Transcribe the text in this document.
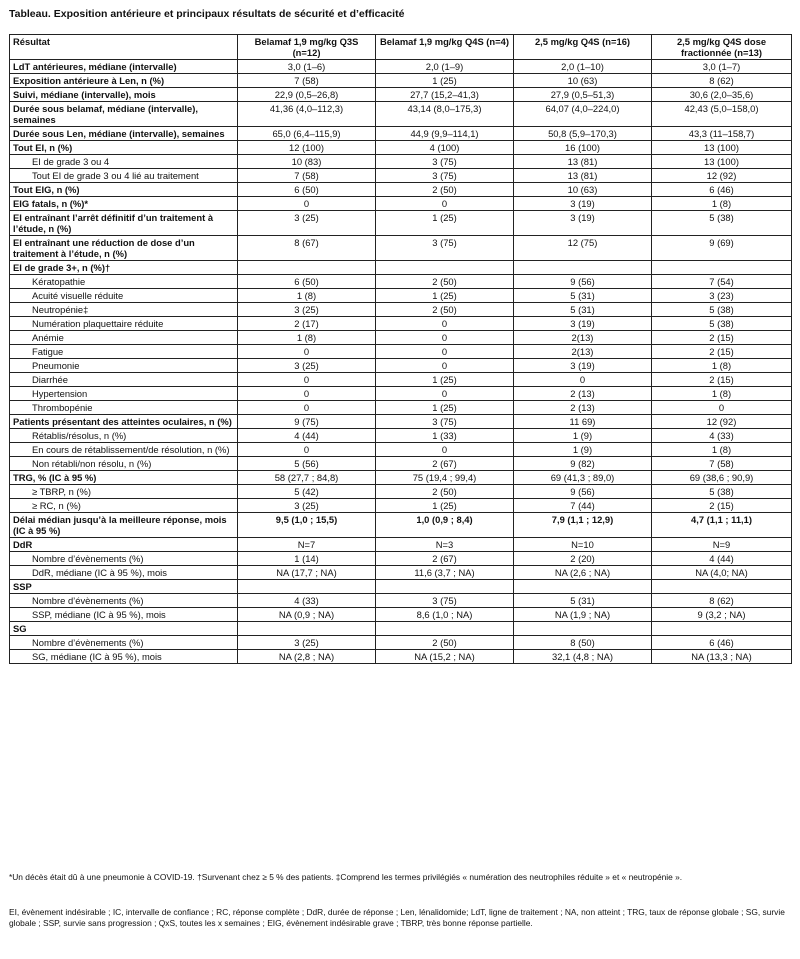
Tableau. Exposition antérieure et principaux résultats de sécurité et d’efficacité
Résultat	Belamaf 1,9 mg/kg Q3S (n=12)	Belamaf 1,9 mg/kg Q4S (n=4)	2,5 mg/kg Q4S (n=16)	2,5 mg/kg Q4S dose fractionnée (n=13)
LdT antérieures, médiane (intervalle)	3,0 (1–6)	2,0 (1–9)	2,0 (1–10)	3,0 (1–7)
Exposition antérieure à Len, n (%)	7 (58)	1 (25)	10 (63)	8 (62)
Suivi, médiane (intervalle), mois	22,9 (0,5–26,8)	27,7 (15,2–41,3)	27,9 (0,5–51,3)	30,6 (2,0–35,6)
Durée sous belamaf, médiane (intervalle), semaines	41,36 (4,0–112,3)	43,14 (8,0–175,3)	64,07 (4,0–224,0)	42,43 (5,0–158,0)
Durée sous Len, médiane (intervalle), semaines	65,0 (6,4–115,9)	44,9 (9,9–114,1)	50,8 (5,9–170,3)	43,3 (11–158,7)
Tout EI, n (%)	12 (100)	4 (100)	16 (100)	13 (100)
EI de grade 3 ou 4	10 (83)	3 (75)	13 (81)	13 (100)
Tout EI de grade 3 ou 4 lié au traitement	7 (58)	3 (75)	13 (81)	12 (92)
Tout EIG, n (%)	6 (50)	2 (50)	10 (63)	6 (46)
EIG fatals, n (%)*	0	0	3 (19)	1 (8)
EI entraînant l’arrêt définitif d’un traitement à l’étude, n (%)	3 (25)	1 (25)	3 (19)	5 (38)
EI entraînant une réduction de dose d’un traitement à l’étude, n (%)	8 (67)	3 (75)	12 (75)	9 (69)
EI de grade 3+, n (%)†				
Kératopathie	6 (50)	2 (50)	9 (56)	7 (54)
Acuité visuelle réduite	1 (8)	1 (25)	5 (31)	3 (23)
Neutropénie‡	3 (25)	2 (50)	5 (31)	5 (38)
Numération plaquettaire réduite	2 (17)	0	3 (19)	5 (38)
Anémie	1 (8)	0	2(13)	2 (15)
Fatigue	0	0	2(13)	2 (15)
Pneumonie	3 (25)	0	3 (19)	1 (8)
Diarrhée	0	1 (25)	0	2 (15)
Hypertension	0	0	2 (13)	1 (8)
Thrombopénie	0	1 (25)	2 (13)	0
Patients présentant des atteintes oculaires, n (%)	9 (75)	3 (75)	11 69)	12 (92)
Rétablis/résolus, n (%)	4 (44)	1 (33)	1 (9)	4 (33)
En cours de rétablissement/de résolution, n (%)	0	0	1 (9)	1 (8)
Non rétabli/non résolu, n (%)	5 (56)	2 (67)	9 (82)	7 (58)
TRG, % (IC à 95 %)	58 (27,7 ; 84,8)	75 (19,4 ; 99,4)	69 (41,3 ; 89,0)	69 (38,6 ; 90,9)
≥ TBRP, n (%)	5 (42)	2 (50)	9 (56)	5 (38)
≥ RC, n (%)	3 (25)	1 (25)	7 (44)	2 (15)
Délai médian jusqu’à la meilleure réponse, mois (IC à 95 %)	9,5 (1,0 ; 15,5)	1,0 (0,9 ; 8,4)	7,9 (1,1 ; 12,9)	4,7 (1,1 ; 11,1)
DdR	N=7	N=3	N=10	N=9
Nombre d’évènements (%)	1 (14)	2 (67)	2 (20)	4 (44)
DdR, médiane (IC à 95 %), mois	NA (17,7 ; NA)	11,6 (3,7 ; NA)	NA (2,6 ; NA)	NA (4,0; NA)
SSP				
Nombre d’évènements (%)	4 (33)	3 (75)	5 (31)	8 (62)
SSP, médiane (IC à 95 %), mois	NA (0,9 ; NA)	8,6 (1,0 ; NA)	NA (1,9 ; NA)	9 (3,2 ; NA)
SG				
Nombre d’évènements (%)	3 (25)	2 (50)	8 (50)	6 (46)
SG, médiane (IC à 95 %), mois	NA (2,8 ; NA)	NA (15,2 ; NA)	32,1 (4,8 ; NA)	NA (13,3 ; NA)
*Un décès était dû à une pneumonie à COVID-19. †Survenant chez ≥ 5 % des patients. ‡Comprend les termes privilégiés « numération des neutrophiles réduite » et « neutropénie ».
EI, évènement indésirable ; IC, intervalle de confiance ; RC, réponse complète ; DdR, durée de réponse ; Len, lénalidomide; LdT, ligne de traitement ; NA, non atteint ; TRG, taux de réponse globale ; SG, survie globale ; SSP, survie sans progression ; QxS, toutes les x semaines ; EIG, évènement indésirable grave ; TBRP, très bonne réponse partielle.
